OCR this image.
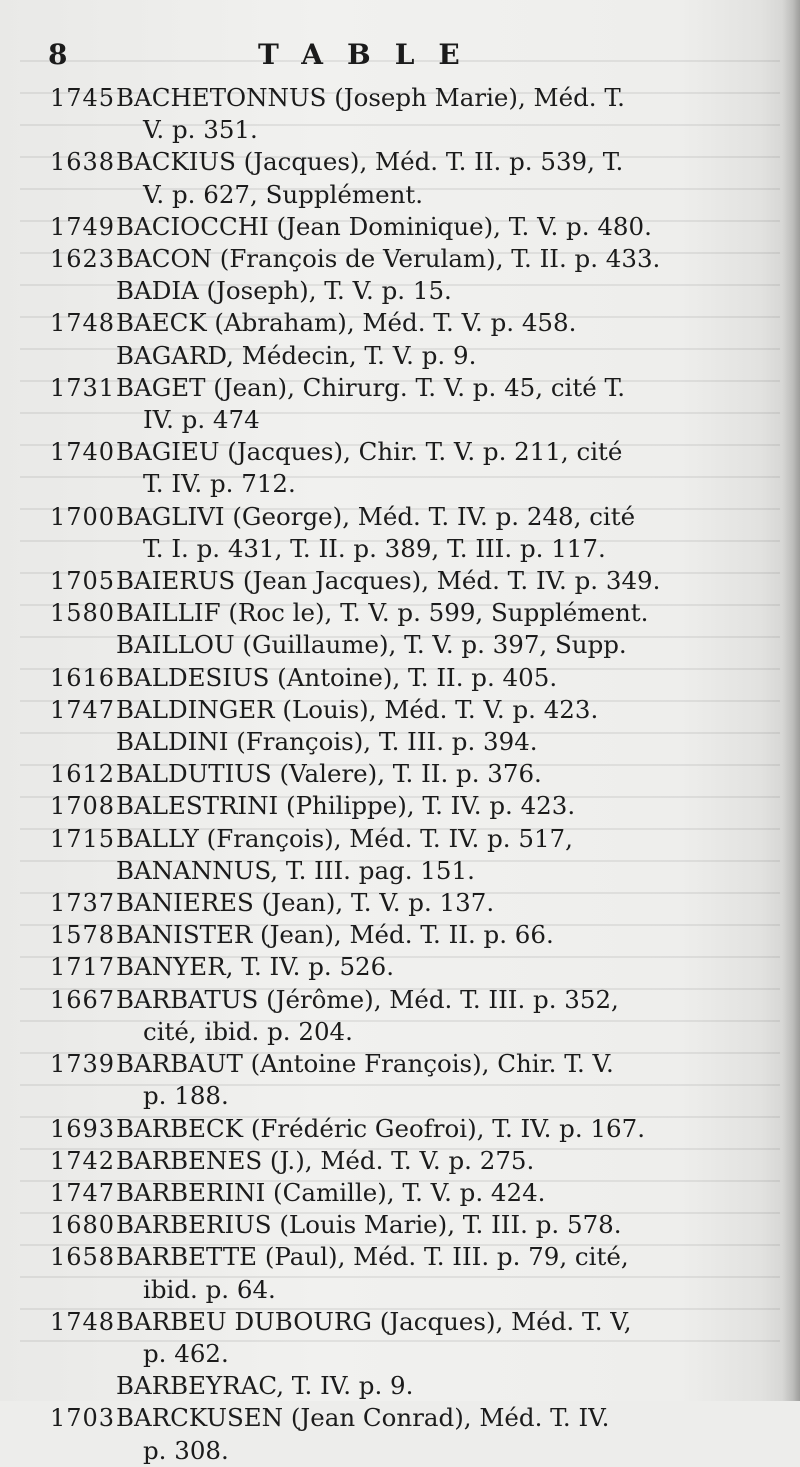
8	TABLE
1745BACHETONNUS (Joseph Marie), Méd. T.
V. p. 351.
1638BACKIUS (Jacques), Méd. T. II. p. 539, T.
V. p. 627, Supplément.
1749BACIOCCHI (Jean Dominique), T. V. p. 480.
1623BACON (François de Verulam), T. II. p. 433.
BADIA (Joseph), T. V. p. 15.
1748BAECK (Abraham), Méd. T. V. p. 458.
BAGARD, Médecin, T. V. p. 9.
1731BAGET (Jean), Chirurg. T. V. p. 45, cité T.
IV. p. 474
1740BAGIEU (Jacques), Chir. T. V. p. 211, cité
T. IV. p. 712.
1700BAGLIVI (George), Méd. T. IV. p. 248, cité
T. I. p. 431, T. II. p. 389, T. III. p. 117.
1705BAIERUS (Jean Jacques), Méd. T. IV. p. 349.
1580BAILLIF (Roc le), T. V. p. 599, Supplément.
BAILLOU (Guillaume), T. V. p. 397, Supp.
1616BALDESIUS (Antoine), T. II. p. 405.
1747BALDINGER (Louis), Méd. T. V. p. 423.
BALDINI (François), T. III. p. 394.
1612BALDUTIUS (Valere), T. II. p. 376.
1708BALESTRINI (Philippe), T. IV. p. 423.
1715BALLY (François), Méd. T. IV. p. 517,
BANANNUS, T. III. pag. 151.
1737BANIERES (Jean), T. V. p. 137.
1578BANISTER (Jean), Méd. T. II. p. 66.
1717BANYER, T. IV. p. 526.
1667BARBATUS (Jérôme), Méd. T. III. p. 352,
cité, ibid. p. 204.
1739BARBAUT (Antoine François), Chir. T. V.
p. 188.
1693BARBECK (Frédéric Geofroi), T. IV. p. 167.
1742BARBENES (J.), Méd. T. V. p. 275.
1747BARBERINI (Camille), T. V. p. 424.
1680BARBERIUS (Louis Marie), T. III. p. 578.
1658BARBETTE (Paul), Méd. T. III. p. 79, cité,
ibid. p. 64.
1748BARBEU DUBOURG (Jacques), Méd. T. V,
p. 462.
BARBEYRAC, T. IV. p. 9.
1703BARCKUSEN (Jean Conrad), Méd. T. IV.
p. 308.
